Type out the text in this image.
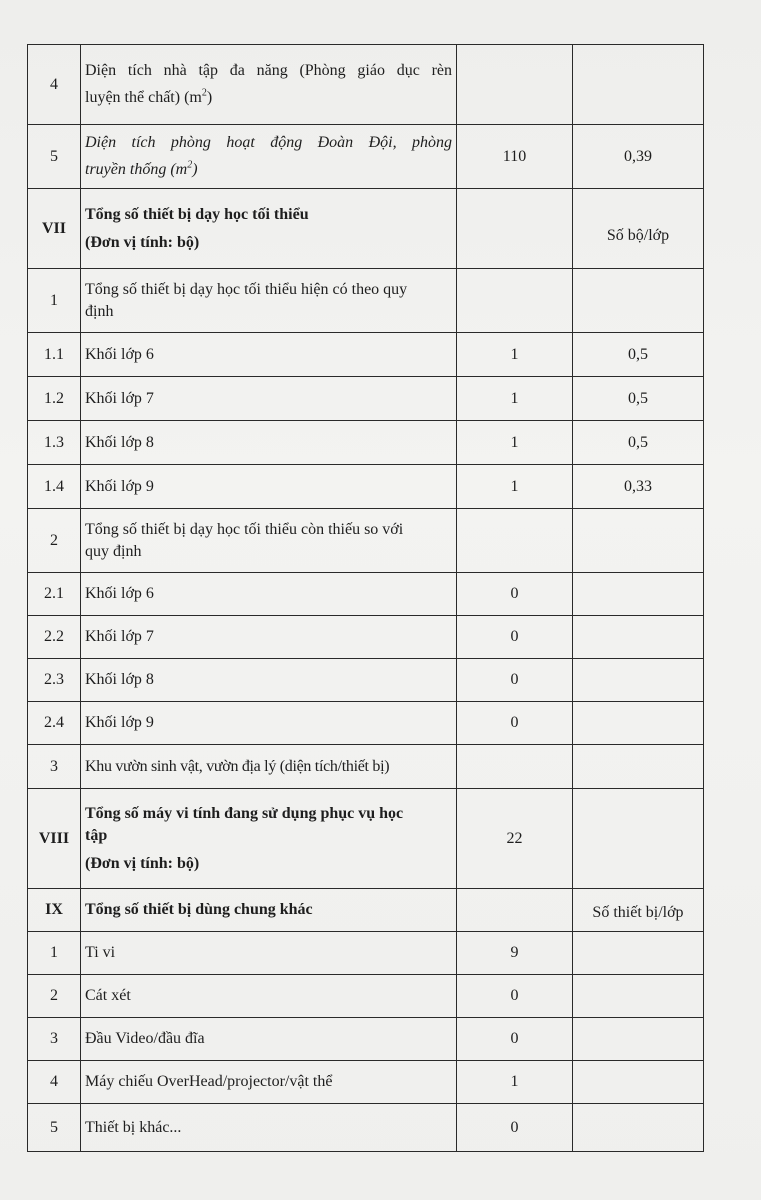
4	Diện tích nhà tập đa năng (Phòng giáo dục rèn
luyện thể chất) $(m^2)$		
5	Diện tích phòng hoạt động Đoàn Đội, phòng
truyền thống $(m^2)$	110	0,39
VII	Tổng số thiết bị dạy học tối thiểu
(Đơn vị tính: bộ)		Số bộ/lớp
1	Tổng số thiết bị dạy học tối thiểu hiện có theo quy
định		

1.1	Khối lớp 6	1	0,5
1.2	Khối lớp 7	1	0,5
1.3	Khối lớp 8	1	0,5
1.4	Khối lớp 9	1	0,33
2	Tổng số thiết bị dạy học tối thiểu còn thiếu so với
quy định		

2.1	Khối lớp 6	0	
2.2	Khối lớp 7	0	
2.3	Khối lớp 8	0	
2.4	Khối lớp 9	0	
3	Khu vườn sinh vật, vườn địa lý (diện tích/thiết bị)		
VIII	Tổng số máy vi tính đang sử dụng phục vụ học
tập
(Đơn vị tính: bộ)	22	
IX	Tổng số thiết bị dùng chung khác		Số thiết bị/lớp
1	Ti vi	9	
2	Cát xét	0	
3	Đầu Video/đầu đĩa	0	
4	Máy chiếu OverHead/projector/vật thể	1	
5	Thiết bị khác...	0	
